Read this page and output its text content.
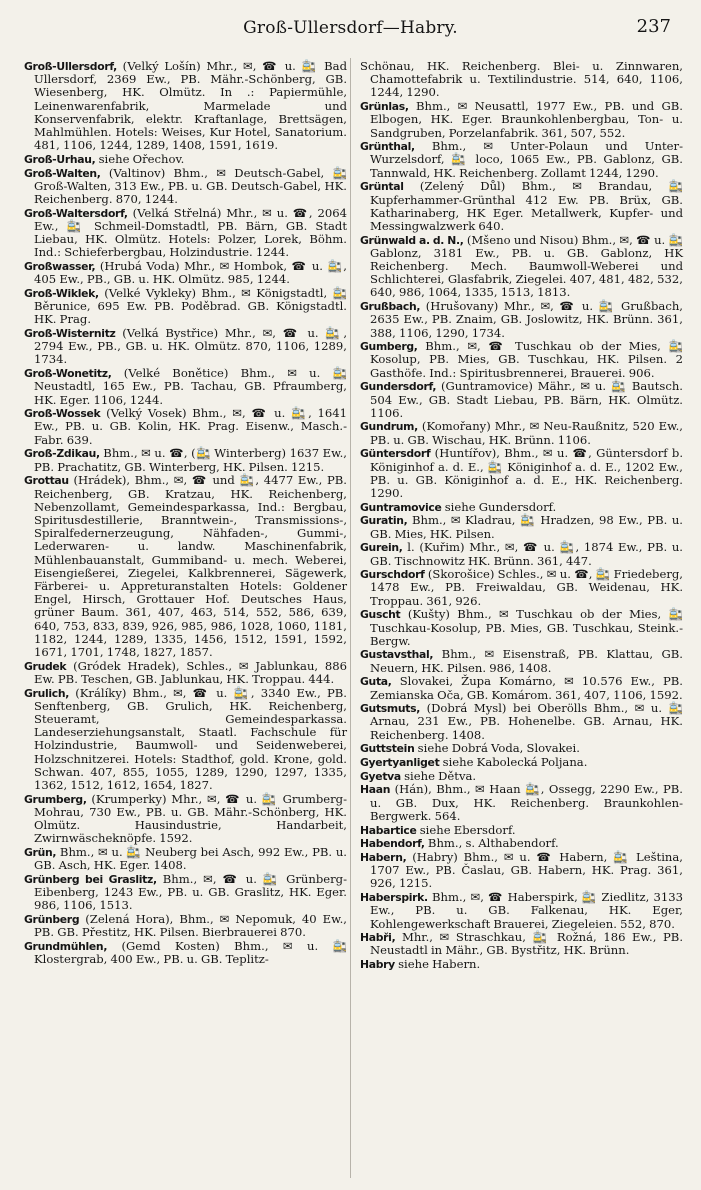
Groß-Ullersdorf—Habry.	237
Groß-Ullersdorf, (Velký Lošín) Mhr., ✉, ☎ u. 🚉 Bad Ullersdorf, 2369 Ew., PB. Mähr.-Schönberg, GB. Wiesenberg, HK. Olmütz. In .: Papiermühle, Leinenwarenfabrik, Marmelade und Konservenfabrik, elektr. Kraftanlage, Brettsägen, Mahlmühlen. Hotels: Weises, Kur Hotel, Sanatorium. 481, 1106, 1244, 1289, 1408, 1591, 1619.
Groß-Urhau, siehe Ořechov.
Groß-Walten, (Valtinov) Bhm., ✉ Deutsch-Gabel, 🚉 Groß-Walten, 313 Ew., PB. u. GB. Deutsch-Gabel, HK. Reichenberg. 870, 1244.
Groß-Waltersdorf, (Velká Střelná) Mhr., ✉ u. ☎, 2064 Ew., 🚉 Schmeil-Domstadtl, PB. Bärn, GB. Stadt Liebau, HK. Olmütz. Hotels: Polzer, Lorek, Böhm. Ind.: Schieferbergbau, Holzindustrie. 1244.
Großwasser, (Hrubá Voda) Mhr., ✉ Hombok, ☎ u. 🚉, 405 Ew., PB., GB. u. HK. Olmütz. 985, 1244.
Groß-Wiklek, (Velké Vykleky) Bhm., ✉ Königstadtl, 🚉 Běrunice, 695 Ew. PB. Poděbrad. GB. Königstadtl. HK. Prag.
Groß-Wisternitz (Velká Bystřice) Mhr., ✉, ☎ u. 🚉, 2794 Ew., PB., GB. u. HK. Olmütz. 870, 1106, 1289, 1734.
Groß-Wonetitz, (Velké Bonětice) Bhm., ✉ u. 🚉 Neustadtl, 165 Ew., PB. Tachau, GB. Pfraumberg, HK. Eger. 1106, 1244.
Groß-Wossek (Velký Vosek) Bhm., ✉, ☎ u. 🚉, 1641 Ew., PB. u. GB. Kolin, HK. Prag. Eisenw., Masch.-Fabr. 639.
Groß-Zdikau, Bhm., ✉ u. ☎, (🚉 Winterberg) 1637 Ew., PB. Prachatitz, GB. Winterberg, HK. Pilsen. 1215.
Grottau (Hrádek), Bhm., ✉, ☎ und 🚉, 4477 Ew., PB. Reichenberg, GB. Kratzau, HK. Reichenberg, Nebenzollamt, Gemeindesparkassa, Ind.: Bergbau, Spiritusdestillerie, Branntwein-, Transmissions-, Spiralfedernerzeugung, Nähfaden-, Gummi-, Lederwaren- u. landw. Maschinenfabrik, Mühlenbauanstalt, Gummiband- u. mech. Weberei, Eisengießerei, Ziegelei, Kalkbrennerei, Sägewerk, Färberei- u. Appreturanstalten Hotels: Goldener Engel, Hirsch, Grottauer Hof. Deutsches Haus, grüner Baum. 361, 407, 463, 514, 552, 586, 639, 640, 753, 833, 839, 926, 985, 986, 1028, 1060, 1181, 1182, 1244, 1289, 1335, 1456, 1512, 1591, 1592, 1671, 1701, 1748, 1827, 1857.
Grudek (Gródek Hradek), Schles., ✉ Jablunkau, 886 Ew. PB. Teschen, GB. Jablunkau, HK. Troppau. 444.
Grulich, (Králíky) Bhm., ✉, ☎ u. 🚉, 3340 Ew., PB. Senftenberg, GB. Grulich, HK. Reichenberg, Steueramt, Gemeindesparkassa. Landeserziehungsanstalt, Staatl. Fachschule für Holzindustrie, Baumwoll- und Seidenweberei, Holzschnitzerei. Hotels: Stadthof, gold. Krone, gold. Schwan. 407, 855, 1055, 1289, 1290, 1297, 1335, 1362, 1512, 1612, 1654, 1827.
Grumberg, (Krumperky) Mhr., ✉, ☎ u. 🚉 Grumberg-Mohrau, 730 Ew., PB. u. GB. Mähr.-Schönberg, HK. Olmütz. Hausindustrie, Handarbeit, Zwirnwäscheknöpfe. 1592.
Grün, Bhm., ✉ u. 🚉 Neuberg bei Asch, 992 Ew., PB. u. GB. Asch, HK. Eger. 1408.
Grünberg bei Graslitz, Bhm., ✉, ☎ u. 🚉 Grünberg-Eibenberg, 1243 Ew., PB. u. GB. Graslitz, HK. Eger. 986, 1106, 1513.
Grünberg (Zelená Hora), Bhm., ✉ Nepomuk, 40 Ew., PB. GB. Přestitz, HK. Pilsen. Bierbrauerei 870.
Grundmühlen, (Gemd Kosten) Bhm., ✉ u. 🚉 Klostergrab, 400 Ew., PB. u. GB. Teplitz-
Schönau, HK. Reichenberg. Blei- u. Zinnwaren, Chamottefabrik u. Textilindustrie. 514, 640, 1106, 1244, 1290.
Grünlas, Bhm., ✉ Neusattl, 1977 Ew., PB. und GB. Elbogen, HK. Eger. Braunkohlenbergbau, Ton- u. Sandgruben, Porzelanfabrik. 361, 507, 552.
Grünthal, Bhm., ✉ Unter-Polaun und Unter-Wurzelsdorf, 🚉 loco, 1065 Ew., PB. Gablonz, GB. Tannwald, HK. Reichenberg. Zollamt 1244, 1290.
Grüntal (Zelený Důl) Bhm., ✉ Brandau, 🚉 Kupferhammer-Grünthal 412 Ew. PB. Brüx, GB. Katharinaberg, HK Eger. Metallwerk, Kupfer- und Messingwalzwerk 640.
Grünwald a. d. N., (Mšeno und Nisou) Bhm., ✉, ☎ u. 🚉 Gablonz, 3181 Ew., PB. u. GB. Gablonz, HK Reichenberg. Mech. Baumwoll-Weberei und Schlichterei, Glasfabrik, Ziegelei. 407, 481, 482, 532, 640, 986, 1064, 1335, 1513, 1813.
Grußbach, (Hrušovany) Mhr., ✉, ☎ u. 🚉 Grußbach, 2635 Ew., PB. Znaim, GB. Joslowitz, HK. Brünn. 361, 388, 1106, 1290, 1734.
Gumberg, Bhm., ✉, ☎ Tuschkau ob der Mies, 🚉 Kosolup, PB. Mies, GB. Tuschkau, HK. Pilsen. 2 Gasthöfe. Ind.: Spiritusbrennerei, Brauerei. 906.
Gundersdorf, (Guntramovice) Mähr., ✉ u. 🚉 Bautsch. 504 Ew., GB. Stadt Liebau, PB. Bärn, HK. Olmütz. 1106.
Gundrum, (Komořany) Mhr., ✉ Neu-Raußnitz, 520 Ew., PB. u. GB. Wischau, HK. Brünn. 1106.
Güntersdorf (Huntířov), Bhm., ✉ u. ☎, Güntersdorf b. Königinhof a. d. E., 🚉 Königinhof a. d. E., 1202 Ew., PB. u. GB. Königinhof a. d. E., HK. Reichenberg. 1290.
Guntramovice siehe Gundersdorf.
Guratin, Bhm., ✉ Kladrau, 🚉 Hradzen, 98 Ew., PB. u. GB. Mies, HK. Pilsen.
Gurein, l. (Kuřim) Mhr., ✉, ☎ u. 🚉, 1874 Ew., PB. u. GB. Tischnowitz HK. Brünn. 361, 447.
Gurschdorf (Skorošice) Schles., ✉ u. ☎, 🚉 Friedeberg, 1478 Ew., PB. Freiwaldau, GB. Weidenau, HK. Troppau. 361, 926.
Guscht (Kušty) Bhm., ✉ Tuschkau ob der Mies, 🚉 Tuschkau-Kosolup, PB. Mies, GB. Tuschkau, Steink.-Bergw.
Gustavsthal, Bhm., ✉ Eisenstraß, PB. Klattau, GB. Neuern, HK. Pilsen. 986, 1408.
Guta, Slovakei, Župa Komárno, ✉ 10.576 Ew., PB. Zemianska Oča, GB. Komárom. 361, 407, 1106, 1592.
Gutsmuts, (Dobrá Mysl) bei Oberölls Bhm., ✉ u. 🚉 Arnau, 231 Ew., PB. Hohenelbe. GB. Arnau, HK. Reichenberg. 1408.
Guttstein siehe Dobrá Voda, Slovakei.
Gyertyanliget siehe Kabolecká Poljana.
Gyetva siehe Dětva.
Haan (Hán), Bhm., ✉ Haan 🚉, Ossegg, 2290 Ew., PB. u. GB. Dux, HK. Reichenberg. Braunkohlen-Bergwerk. 564.
Habartice siehe Ebersdorf.
Habendorf, Bhm., s. Althabendorf.
Habern, (Habry) Bhm., ✉ u. ☎ Habern, 🚉 Leština, 1707 Ew., PB. Časlau, GB. Habern, HK. Prag. 361, 926, 1215.
Haberspirk. Bhm., ✉, ☎ Haberspirk, 🚉 Ziedlitz, 3133 Ew., PB. u. GB. Falkenau, HK. Eger, Kohlengewerkschaft Brauerei, Ziegeleien. 552, 870.
Habři, Mhr., ✉ Straschkau, 🚉 Rožná, 186 Ew., PB. Neustadtl in Mähr., GB. Bystřitz, HK. Brünn.
Habry siehe Habern.
